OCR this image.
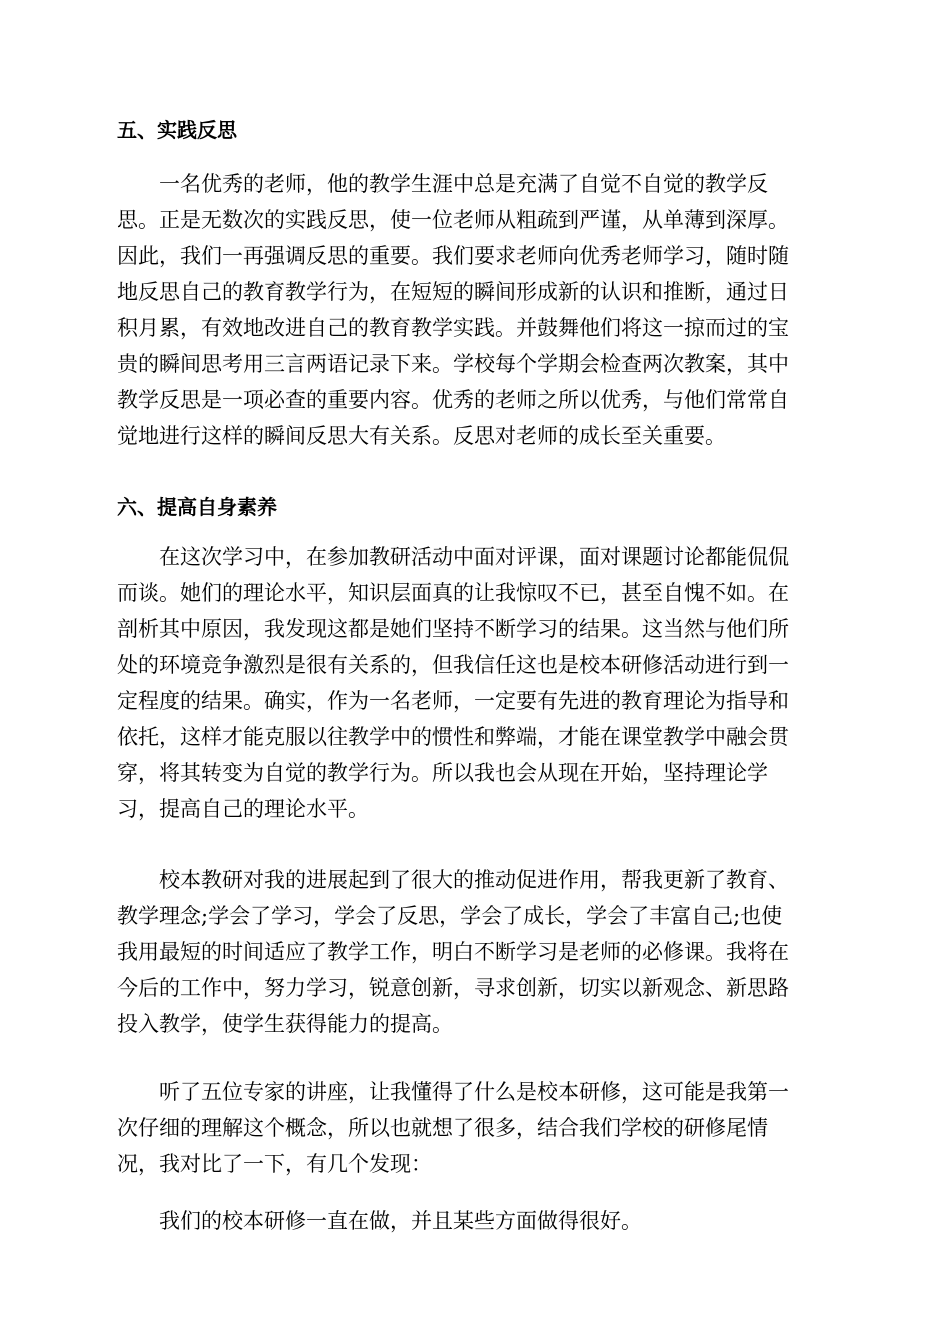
五、实践反思
一名优秀的老师，他的教学生涯中总是充满了自觉不自觉的教学反
思。正是无数次的实践反思，使一位老师从粗疏到严谨，从单薄到深厚。
因此，我们一再强调反思的重要。我们要求老师向优秀老师学习，随时随
地反思自己的教育教学行为，在短短的瞬间形成新的认识和推断，通过日
积月累，有效地改进自己的教育教学实践。并鼓舞他们将这一掠而过的宝
贵的瞬间思考用三言两语记录下来。学校每个学期会检查两次教案，其中
教学反思是一项必查的重要内容。优秀的老师之所以优秀，与他们常常自
觉地进行这样的瞬间反思大有关系。反思对老师的成长至关重要。
六、提高自身素养
在这次学习中，在参加教研活动中面对评课，面对课题讨论都能侃侃
而谈。她们的理论水平，知识层面真的让我惊叹不已，甚至自愧不如。在
剖析其中原因，我发现这都是她们坚持不断学习的结果。这当然与他们所
处的环境竞争激烈是很有关系的，但我信任这也是校本研修活动进行到一
定程度的结果。确实，作为一名老师，一定要有先进的教育理论为指导和
依托，这样才能克服以往教学中的惯性和弊端，才能在课堂教学中融会贯
穿，将其转变为自觉的教学行为。所以我也会从现在开始，坚持理论学
习，提高自己的理论水平。
校本教研对我的进展起到了很大的推动促进作用，帮我更新了教育、
教学理念;学会了学习，学会了反思，学会了成长，学会了丰富自己;也使
我用最短的时间适应了教学工作，明白不断学习是老师的必修课。我将在
今后的工作中，努力学习，锐意创新，寻求创新，切实以新观念、新思路
投入教学，使学生获得能力的提高。
听了五位专家的讲座，让我懂得了什么是校本研修，这可能是我第一
次仔细的理解这个概念，所以也就想了很多，结合我们学校的研修尾情
况，我对比了一下，有几个发现：
我们的校本研修一直在做，并且某些方面做得很好。
